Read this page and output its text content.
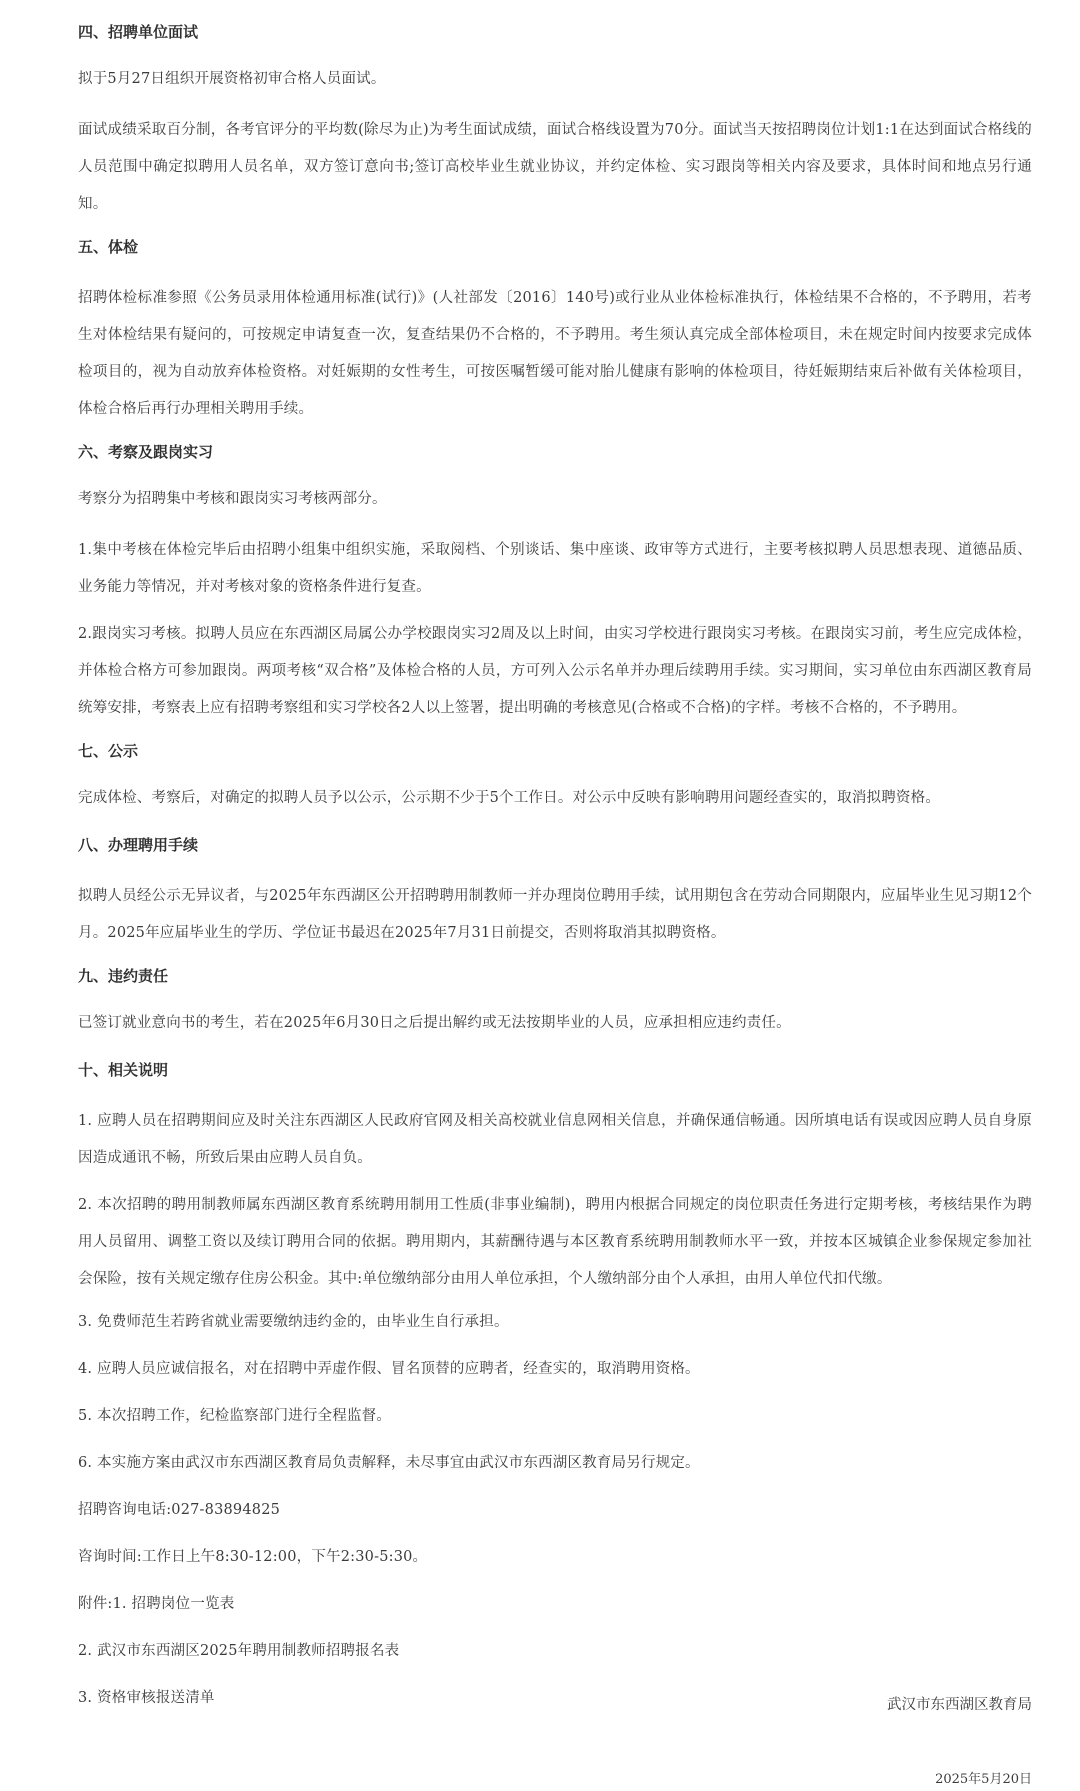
四、招聘单位面试
拟于5月27日组织开展资格初审合格人员面试。
面试成绩采取百分制，各考官评分的平均数(除尽为止)为考生面试成绩，面试合格线设置为70分。面试当天按招聘岗位计划1:1在达到面试合格线的人员范围中确定拟聘用人员名单，双方签订意向书;签订高校毕业生就业协议，并约定体检、实习跟岗等相关内容及要求，具体时间和地点另行通知。
五、体检
招聘体检标准参照《公务员录用体检通用标准(试行)》(人社部发〔2016〕140号)或行业从业体检标准执行，体检结果不合格的，不予聘用，若考生对体检结果有疑问的，可按规定申请复查一次，复查结果仍不合格的，不予聘用。考生须认真完成全部体检项目，未在规定时间内按要求完成体检项目的，视为自动放弃体检资格。对妊娠期的女性考生，可按医嘱暂缓可能对胎儿健康有影响的体检项目，待妊娠期结束后补做有关体检项目，体检合格后再行办理相关聘用手续。
六、考察及跟岗实习
考察分为招聘集中考核和跟岗实习考核两部分。
1.集中考核在体检完毕后由招聘小组集中组织实施，采取阅档、个别谈话、集中座谈、政审等方式进行，主要考核拟聘人员思想表现、道德品质、业务能力等情况，并对考核对象的资格条件进行复查。
2.跟岗实习考核。拟聘人员应在东西湖区局属公办学校跟岗实习2周及以上时间，由实习学校进行跟岗实习考核。在跟岗实习前，考生应完成体检，并体检合格方可参加跟岗。两项考核“双合格”及体检合格的人员，方可列入公示名单并办理后续聘用手续。实习期间，实习单位由东西湖区教育局统筹安排，考察表上应有招聘考察组和实习学校各2人以上签署，提出明确的考核意见(合格或不合格)的字样。考核不合格的，不予聘用。
七、公示
完成体检、考察后，对确定的拟聘人员予以公示，公示期不少于5个工作日。对公示中反映有影响聘用问题经查实的，取消拟聘资格。
八、办理聘用手续
拟聘人员经公示无异议者，与2025年东西湖区公开招聘聘用制教师一并办理岗位聘用手续，试用期包含在劳动合同期限内，应届毕业生见习期12个月。2025年应届毕业生的学历、学位证书最迟在2025年7月31日前提交，否则将取消其拟聘资格。
九、违约责任
已签订就业意向书的考生，若在2025年6月30日之后提出解约或无法按期毕业的人员，应承担相应违约责任。
十、相关说明
1. 应聘人员在招聘期间应及时关注东西湖区人民政府官网及相关高校就业信息网相关信息，并确保通信畅通。因所填电话有误或因应聘人员自身原因造成通讯不畅，所致后果由应聘人员自负。
2. 本次招聘的聘用制教师属东西湖区教育系统聘用制用工性质(非事业编制)，聘用内根据合同规定的岗位职责任务进行定期考核，考核结果作为聘用人员留用、调整工资以及续订聘用合同的依据。聘用期内，其薪酬待遇与本区教育系统聘用制教师水平一致，并按本区城镇企业参保规定参加社会保险，按有关规定缴存住房公积金。其中:单位缴纳部分由用人单位承担，个人缴纳部分由个人承担，由用人单位代扣代缴。
3. 免费师范生若跨省就业需要缴纳违约金的，由毕业生自行承担。
4. 应聘人员应诚信报名，对在招聘中弄虚作假、冒名顶替的应聘者，经查实的，取消聘用资格。
5. 本次招聘工作，纪检监察部门进行全程监督。
6. 本实施方案由武汉市东西湖区教育局负责解释，未尽事宜由武汉市东西湖区教育局另行规定。
招聘咨询电话:027-83894825
咨询时间:工作日上午8:30-12:00，下午2:30-5:30。
附件:1. 招聘岗位一览表
2. 武汉市东西湖区2025年聘用制教师招聘报名表
3. 资格审核报送清单	武汉市东西湖区教育局
2025年5月20日
